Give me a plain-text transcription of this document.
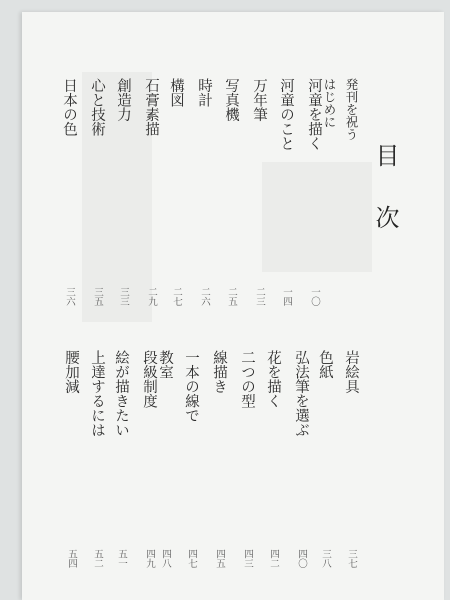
目
次
発刊を祝う
はじめに
河童を描く
一〇
河童のこと
一四
万年筆
二三
写真機
二五
時計
二六
構図
二七
石膏素描
二九
創造力
三三
心と技術
三五
日本の色
三六
岩絵具
三七
色紙
三八
弘法筆を選ぶ
四〇
花を描く
四二
二つの型
四三
線描き
四五
一本の線で
四七
教室
四八
段級制度
四九
絵が描きたい
五一
上達するには
五二
腰加減
五四
